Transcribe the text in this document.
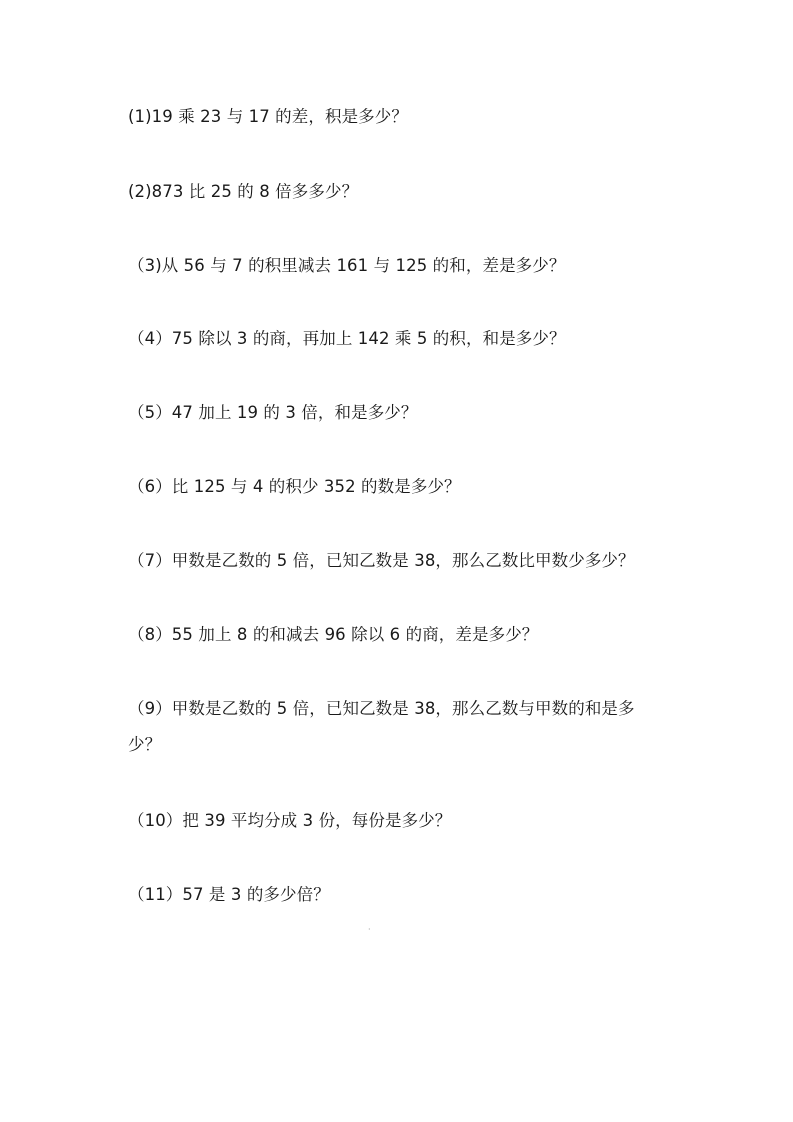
(1)19 乘 23 与 17 的差，积是多少？
(2)873 比 25 的 8 倍多多少？
（3)从 56 与 7 的积里减去 161 与 125 的和，差是多少？
（4）75 除以 3 的商，再加上 142 乘 5 的积，和是多少？
（5）47 加上 19 的 3 倍，和是多少？
（6）比 125 与 4 的积少 352 的数是多少？
（7）甲数是乙数的 5 倍，已知乙数是 38，那么乙数比甲数少多少？
（8）55 加上 8 的和减去 96 除以 6 的商，差是多少？
（9）甲数是乙数的 5 倍，已知乙数是 38，那么乙数与甲数的和是多少？
（10）把 39 平均分成 3 份，每份是多少？
（11）57 是 3 的多少倍？
·
